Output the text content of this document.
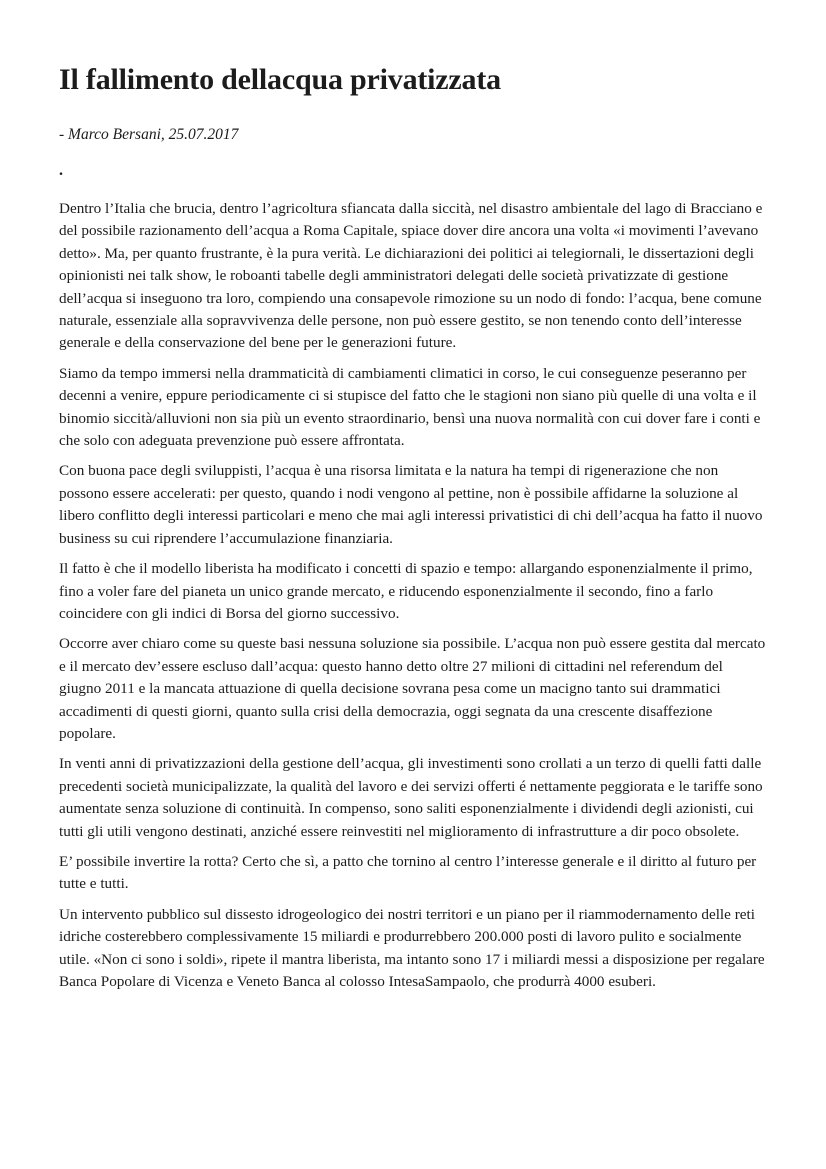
Il fallimento dellacqua privatizzata

- Marco Bersani, 25.07.2017

.

Dentro l’Italia che brucia, dentro l’agricoltura sfiancata dalla siccità, nel disastro ambientale del lago di Bracciano e del possibile razionamento dell’acqua a Roma Capitale, spiace dover dire ancora una volta «i movimenti l’avevano detto». Ma, per quanto frustrante, è la pura verità. Le dichiarazioni dei politici ai telegiornali, le dissertazioni degli opinionisti nei talk show, le roboanti tabelle degli amministratori delegati delle società privatizzate di gestione dell’acqua si inseguono tra loro, compiendo una consapevole rimozione su un nodo di fondo: l’acqua, bene comune naturale, essenziale alla sopravvivenza delle persone, non può essere gestito, se non tenendo conto dell’interesse generale e della conservazione del bene per le generazioni future.

Siamo da tempo immersi nella drammaticità di cambiamenti climatici in corso, le cui conseguenze peseranno per decenni a venire, eppure periodicamente ci si stupisce del fatto che le stagioni non siano più quelle di una volta e il binomio siccità/alluvioni non sia più un evento straordinario, bensì una nuova normalità con cui dover fare i conti e che solo con adeguata prevenzione può essere affrontata.

Con buona pace degli sviluppisti, l’acqua è una risorsa limitata e la natura ha tempi di rigenerazione che non possono essere accelerati: per questo, quando i nodi vengono al pettine, non è possibile affidarne la soluzione al libero conflitto degli interessi particolari e meno che mai agli interessi privatistici di chi dell’acqua ha fatto il nuovo business su cui riprendere l’accumulazione finanziaria.

Il fatto è che il modello liberista ha modificato i concetti di spazio e tempo: allargando esponenzialmente il primo, fino a voler fare del pianeta un unico grande mercato, e riducendo esponenzialmente il secondo, fino a farlo coincidere con gli indici di Borsa del giorno successivo.

Occorre aver chiaro come su queste basi nessuna soluzione sia possibile. L’acqua non può essere gestita dal mercato e il mercato dev’essere escluso dall’acqua: questo hanno detto oltre 27 milioni di cittadini nel referendum del giugno 2011 e la mancata attuazione di quella decisione sovrana pesa come un macigno tanto sui drammatici accadimenti di questi giorni, quanto sulla crisi della democrazia, oggi segnata da una crescente disaffezione popolare.

In venti anni di privatizzazioni della gestione dell’acqua, gli investimenti sono crollati a un terzo di quelli fatti dalle precedenti società municipalizzate, la qualità del lavoro e dei servizi offerti é nettamente peggiorata e le tariffe sono aumentate senza soluzione di continuità. In compenso, sono saliti esponenzialmente i dividendi degli azionisti, cui tutti gli utili vengono destinati, anziché essere reinvestiti nel miglioramento di infrastrutture a dir poco obsolete.

E’ possibile invertire la rotta? Certo che sì, a patto che tornino al centro l’interesse generale e il diritto al futuro per tutte e tutti.

Un intervento pubblico sul dissesto idrogeologico dei nostri territori e un piano per il riammodernamento delle reti idriche costerebbero complessivamente 15 miliardi e produrrebbero 200.000 posti di lavoro pulito e socialmente utile. «Non ci sono i soldi», ripete il mantra liberista, ma intanto sono 17 i miliardi messi a disposizione per regalare Banca Popolare di Vicenza e Veneto Banca al colosso IntesaSampaolo, che produrrà 4000 esuberi.
